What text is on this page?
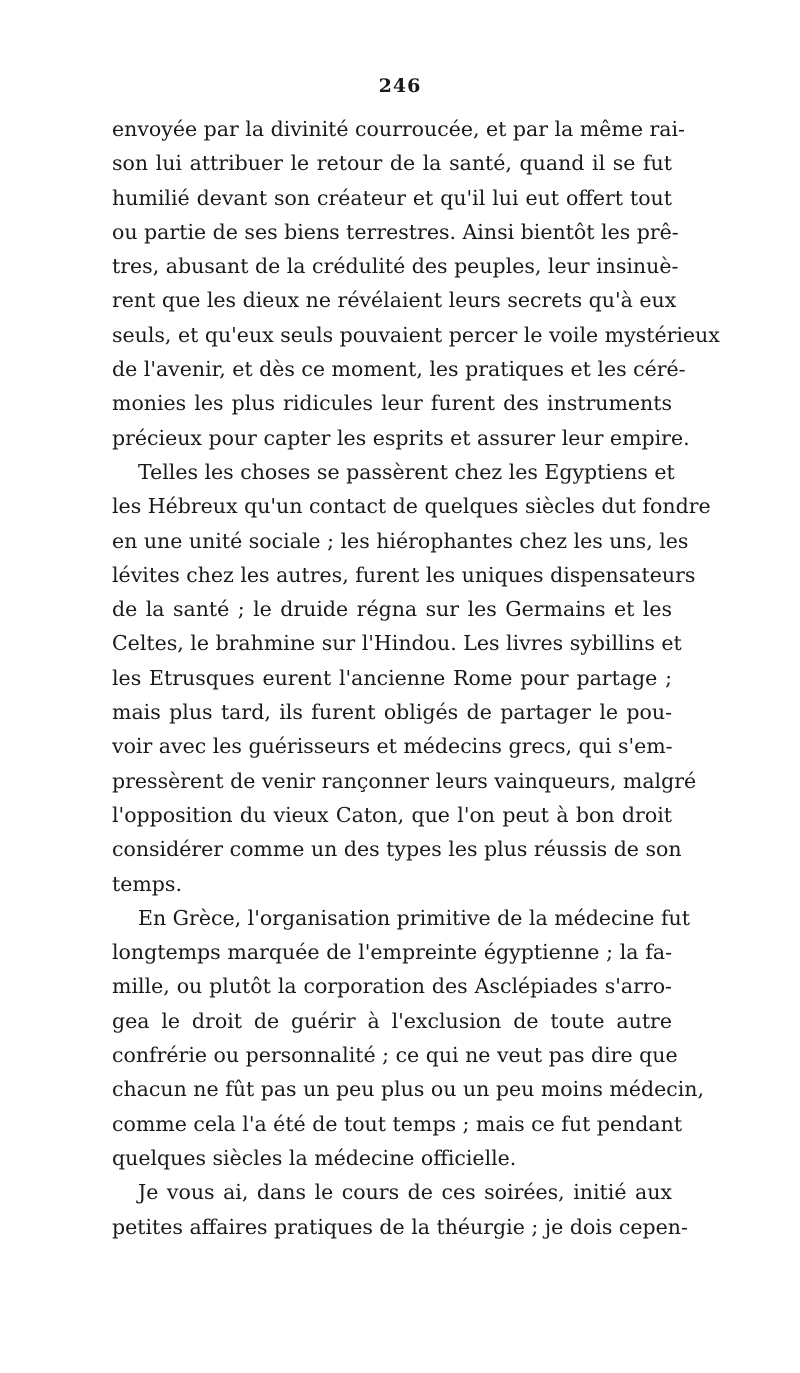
246
envoyée par la divinité courroucée, et par la même rai-
son lui attribuer le retour de la santé, quand il se fut
humilié devant son créateur et qu'il lui eut offert tout
ou partie de ses biens terrestres. Ainsi bientôt les prê-
tres, abusant de la crédulité des peuples, leur insinuè-
rent que les dieux ne révélaient leurs secrets qu'à eux
seuls, et qu'eux seuls pouvaient percer le voile mystérieux
de l'avenir, et dès ce moment, les pratiques et les céré-
monies les plus ridicules leur furent des instruments
précieux pour capter les esprits et assurer leur empire.
Telles les choses se passèrent chez les Egyptiens et
les Hébreux qu'un contact de quelques siècles dut fondre
en une unité sociale ; les hiérophantes chez les uns, les
lévites chez les autres, furent les uniques dispensateurs
de la santé ; le druide régna sur les Germains et les
Celtes, le brahmine sur l'Hindou. Les livres sybillins et
les Etrusques eurent l'ancienne Rome pour partage ;
mais plus tard, ils furent obligés de partager le pou-
voir avec les guérisseurs et médecins grecs, qui s'em-
pressèrent de venir rançonner leurs vainqueurs, malgré
l'opposition du vieux Caton, que l'on peut à bon droit
considérer comme un des types les plus réussis de son
temps.
En Grèce, l'organisation primitive de la médecine fut
longtemps marquée de l'empreinte égyptienne ; la fa-
mille, ou plutôt la corporation des Asclépiades s'arro-
gea le droit de guérir à l'exclusion de toute autre
confrérie ou personnalité ; ce qui ne veut pas dire que
chacun ne fût pas un peu plus ou un peu moins médecin,
comme cela l'a été de tout temps ; mais ce fut pendant
quelques siècles la médecine officielle.
Je vous ai, dans le cours de ces soirées, initié aux
petites affaires pratiques de la théurgie ; je dois cepen-
